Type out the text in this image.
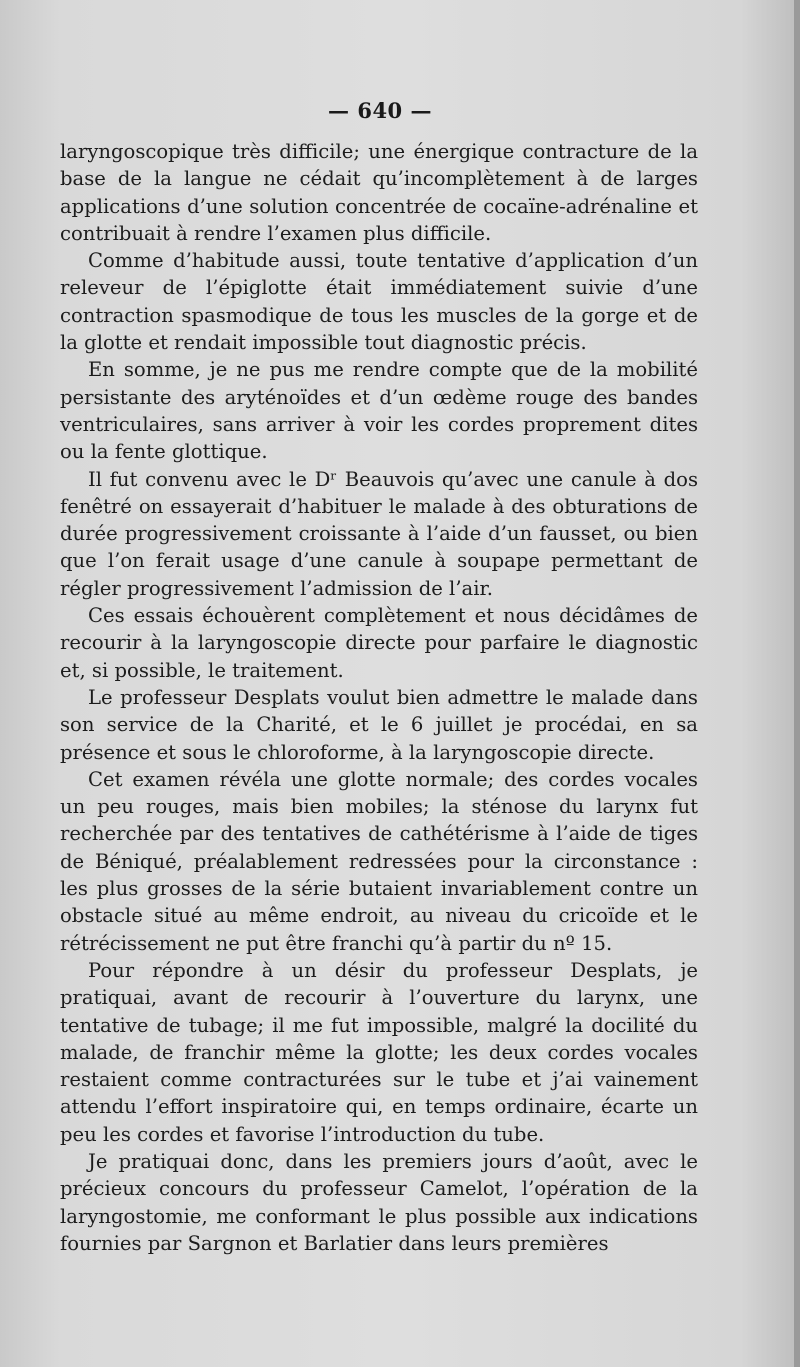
— 640 —

laryngoscopique très difficile; une énergique contracture de la base de la langue ne cédait qu’incomplètement à de larges applications d’une solution concentrée de cocaïne-adrénaline et contribuait à rendre l’examen plus difficile.

Comme d’habitude aussi, toute tentative d’application d’un releveur de l’épiglotte était immédiatement suivie d’une contraction spasmodique de tous les muscles de la gorge et de la glotte et rendait impossible tout diagnostic précis.

En somme, je ne pus me rendre compte que de la mobilité persistante des aryténoïdes et d’un œdème rouge des bandes ventriculaires, sans arriver à voir les cordes proprement dites ou la fente glottique.

Il fut convenu avec le Dʳ Beauvois qu’avec une canule à dos fenêtré on essayerait d’habituer le malade à des obturations de durée progressivement croissante à l’aide d’un fausset, ou bien que l’on ferait usage d’une canule à soupape permettant de régler progressivement l’admission de l’air.

Ces essais échouèrent complètement et nous décidâmes de recourir à la laryngoscopie directe pour parfaire le diagnostic et, si possible, le traitement.

Le professeur Desplats voulut bien admettre le malade dans son service de la Charité, et le 6 juillet je procédai, en sa présence et sous le chloroforme, à la laryngoscopie directe.

Cet examen révéla une glotte normale; des cordes vocales un peu rouges, mais bien mobiles; la sténose du larynx fut recherchée par des tentatives de cathétérisme à l’aide de tiges de Béniqué, préalablement redressées pour la circonstance : les plus grosses de la série butaient invariablement contre un obstacle situé au même endroit, au niveau du cricoïde et le rétrécissement ne put être franchi qu’à partir du nº 15.

Pour répondre à un désir du professeur Desplats, je pratiquai, avant de recourir à l’ouverture du larynx, une tentative de tubage; il me fut impossible, malgré la docilité du malade, de franchir même la glotte; les deux cordes vocales restaient comme contracturées sur le tube et j’ai vainement attendu l’effort inspiratoire qui, en temps ordinaire, écarte un peu les cordes et favorise l’introduction du tube.

Je pratiquai donc, dans les premiers jours d’août, avec le précieux concours du professeur Camelot, l’opération de la laryngostomie, me conformant le plus possible aux indications fournies par Sargnon et Barlatier dans leurs premières
